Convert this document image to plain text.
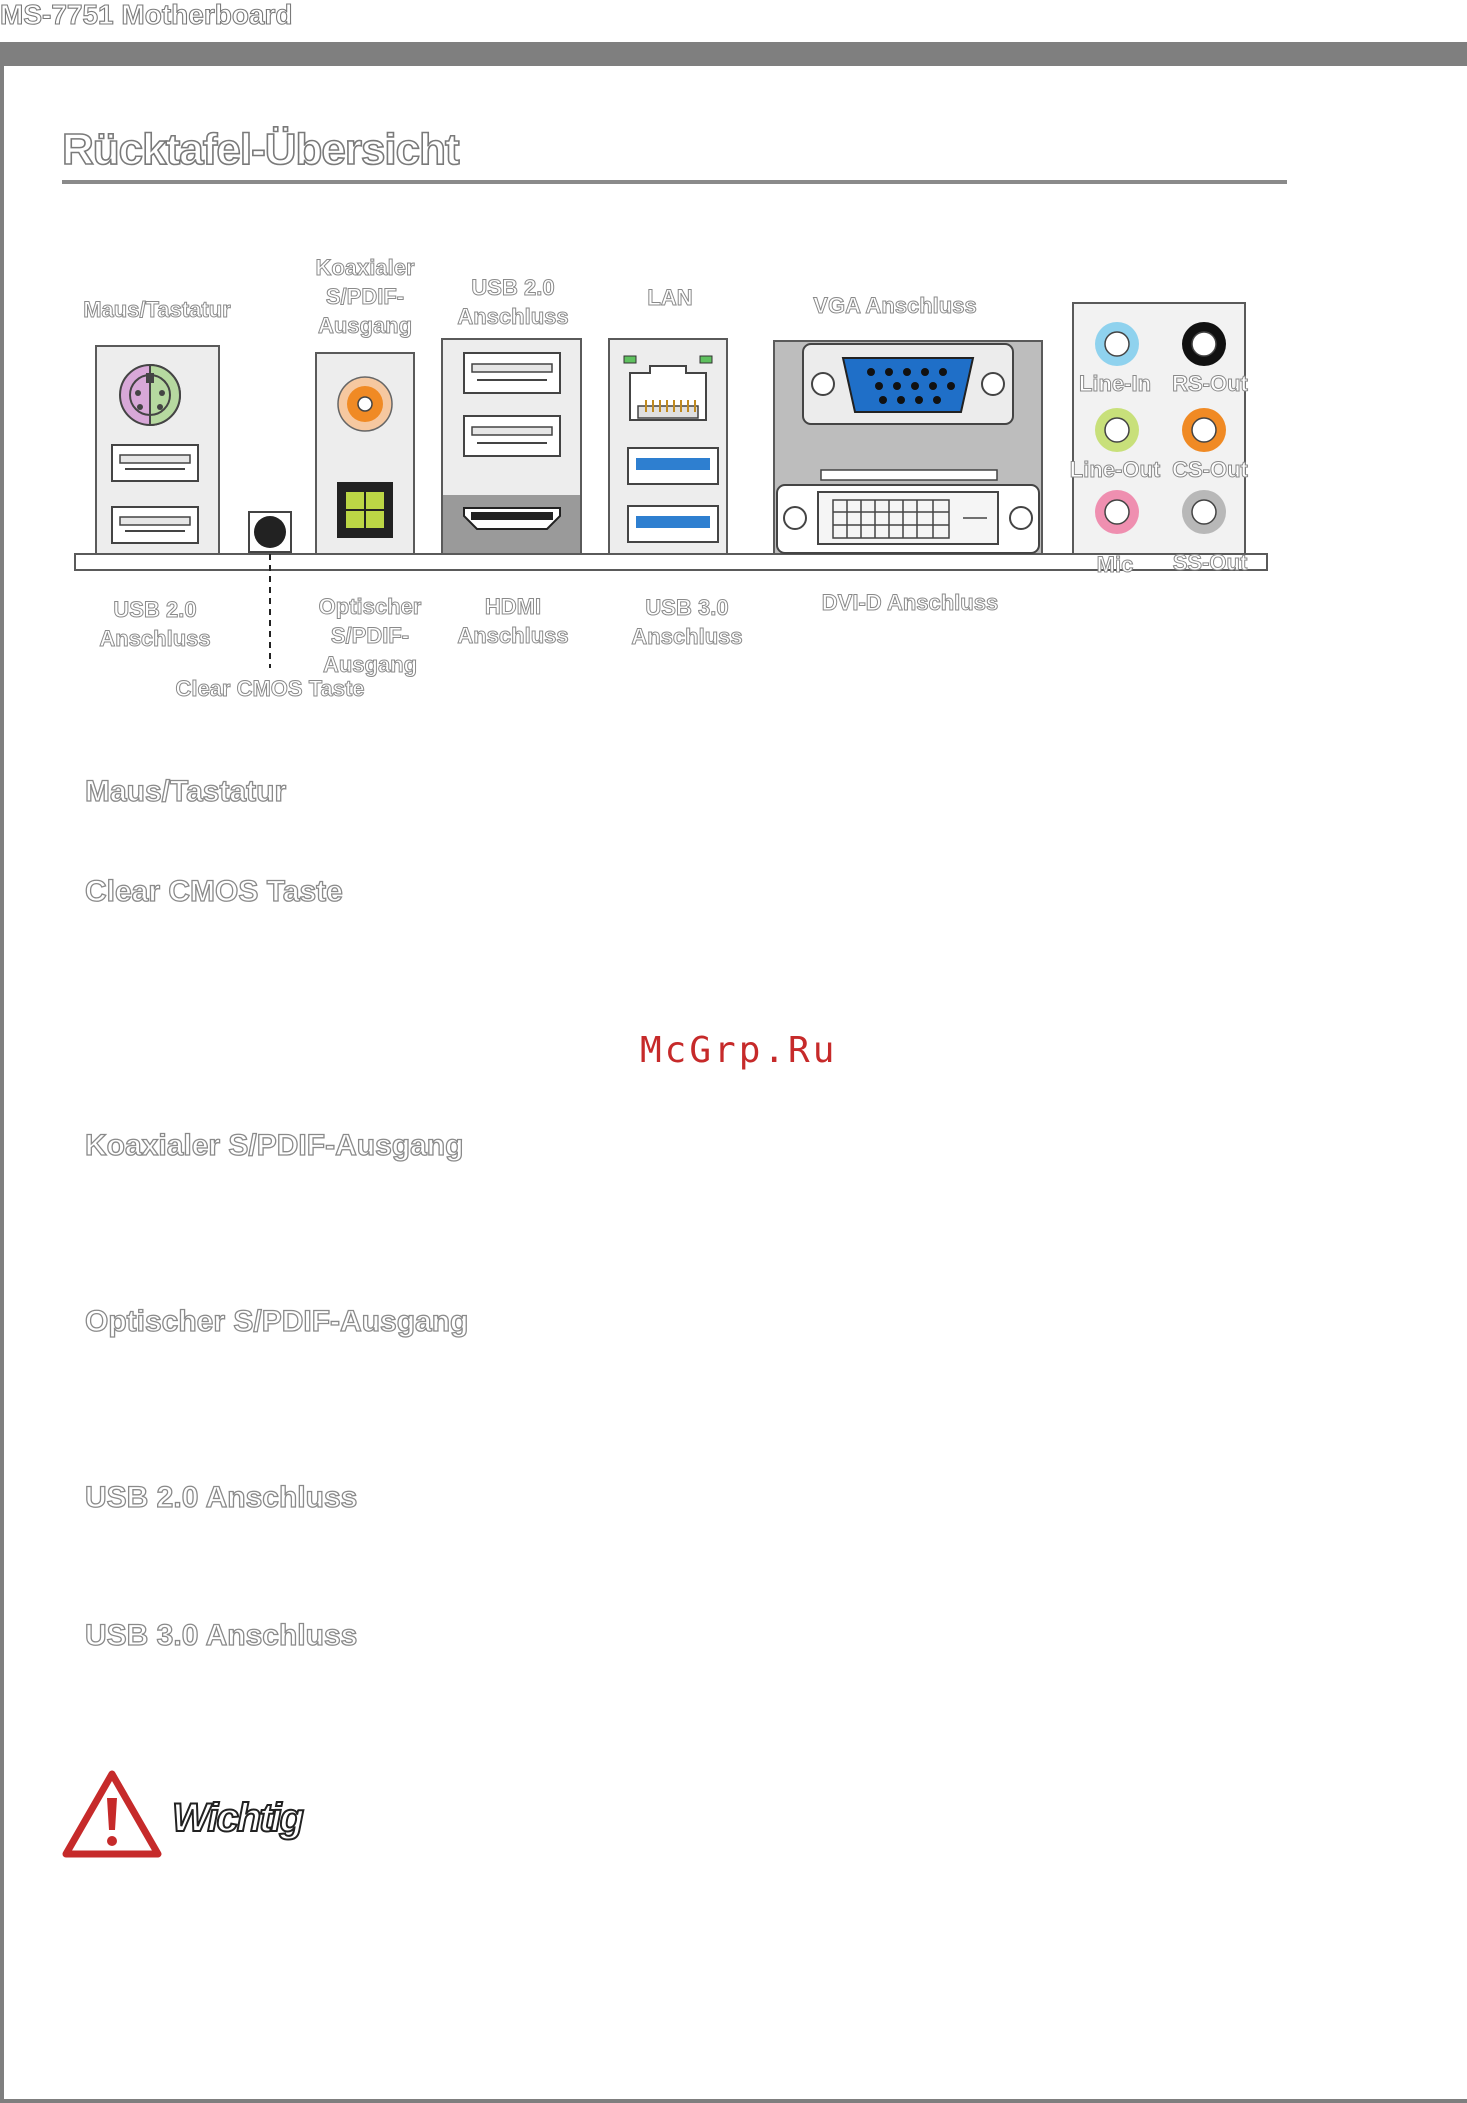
MS-7751 Motherboard
Rücktafel-Übersicht
Maus/Tastatur
Koaxialer
S/PDIF-
Ausgang
USB 2.0
Anschluss
LAN	VGA Anschluss
Line-In RS-Out
Line-Out CS-Out
Mic	SS-Out
USB 2.0
Anschluss
Optischer
S/PDIF-
Ausgang
HDMI
Anschluss
USB 3.0
Anschluss
DVI-D Anschluss
Clear CMOS Taste
Maus/Tastatur
Clear CMOS Taste
Koaxialer S/PDIF-Ausgang
Optischer S/PDIF-Ausgang
USB 2.0 Anschluss
USB 3.0 Anschluss
McGrp.Ru
Wichtig
